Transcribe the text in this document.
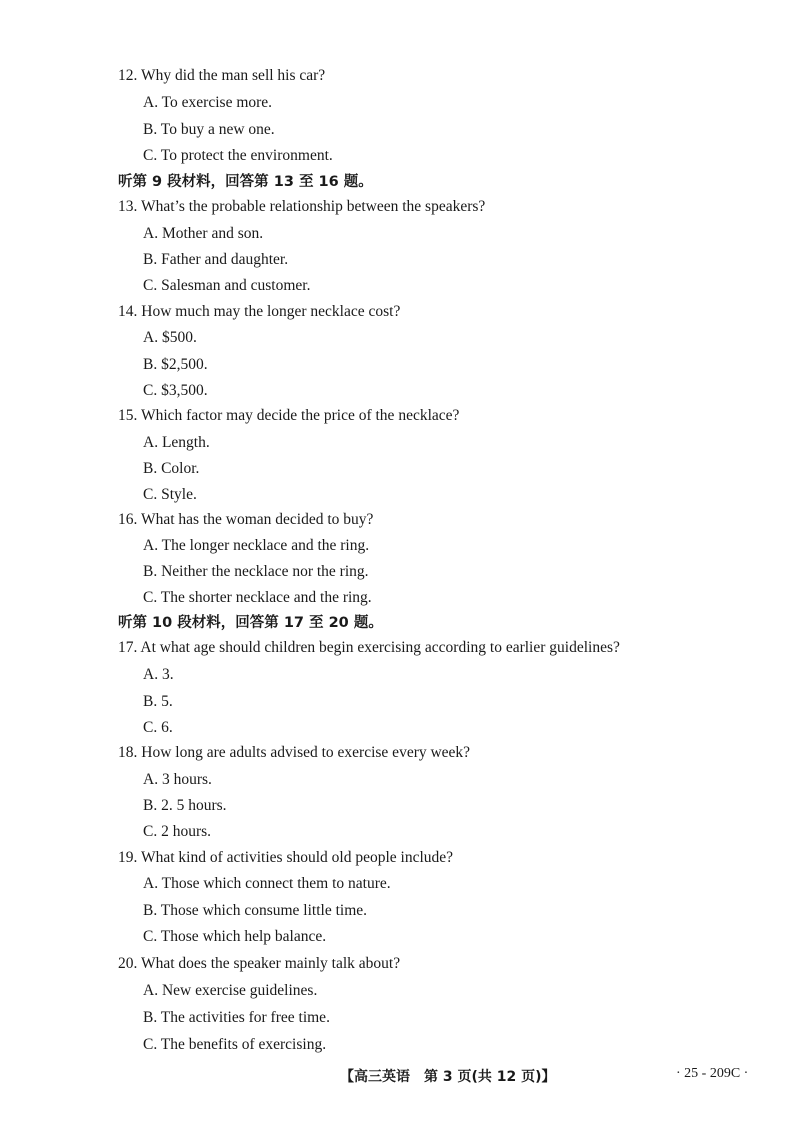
12. Why did the man sell his car?
A. To exercise more.
B. To buy a new one.
C. To protect the environment.
听第 9 段材料，回答第 13 至 16 题。
13. What’s the probable relationship between the speakers?
A. Mother and son.
B. Father and daughter.
C. Salesman and customer.
14. How much may the longer necklace cost?
A. $500.
B. $2,500.
C. $3,500.
15. Which factor may decide the price of the necklace?
A. Length.
B. Color.
C. Style.
16. What has the woman decided to buy?
A. The longer necklace and the ring.
B. Neither the necklace nor the ring.
C. The shorter necklace and the ring.
听第 10 段材料，回答第 17 至 20 题。
17. At what age should children begin exercising according to earlier guidelines?
A. 3.
B. 5.
C. 6.
18. How long are adults advised to exercise every week?
A. 3 hours.
B. 2. 5 hours.
C. 2 hours.
19. What kind of activities should old people include?
A. Those which connect them to nature.
B. Those which consume little time.
C. Those which help balance.
20. What does the speaker mainly talk about?
A. New exercise guidelines.
B. The activities for free time.
C. The benefits of exercising.
【高三英语　第 3 页(共 12 页)】	· 25 - 209C ·
